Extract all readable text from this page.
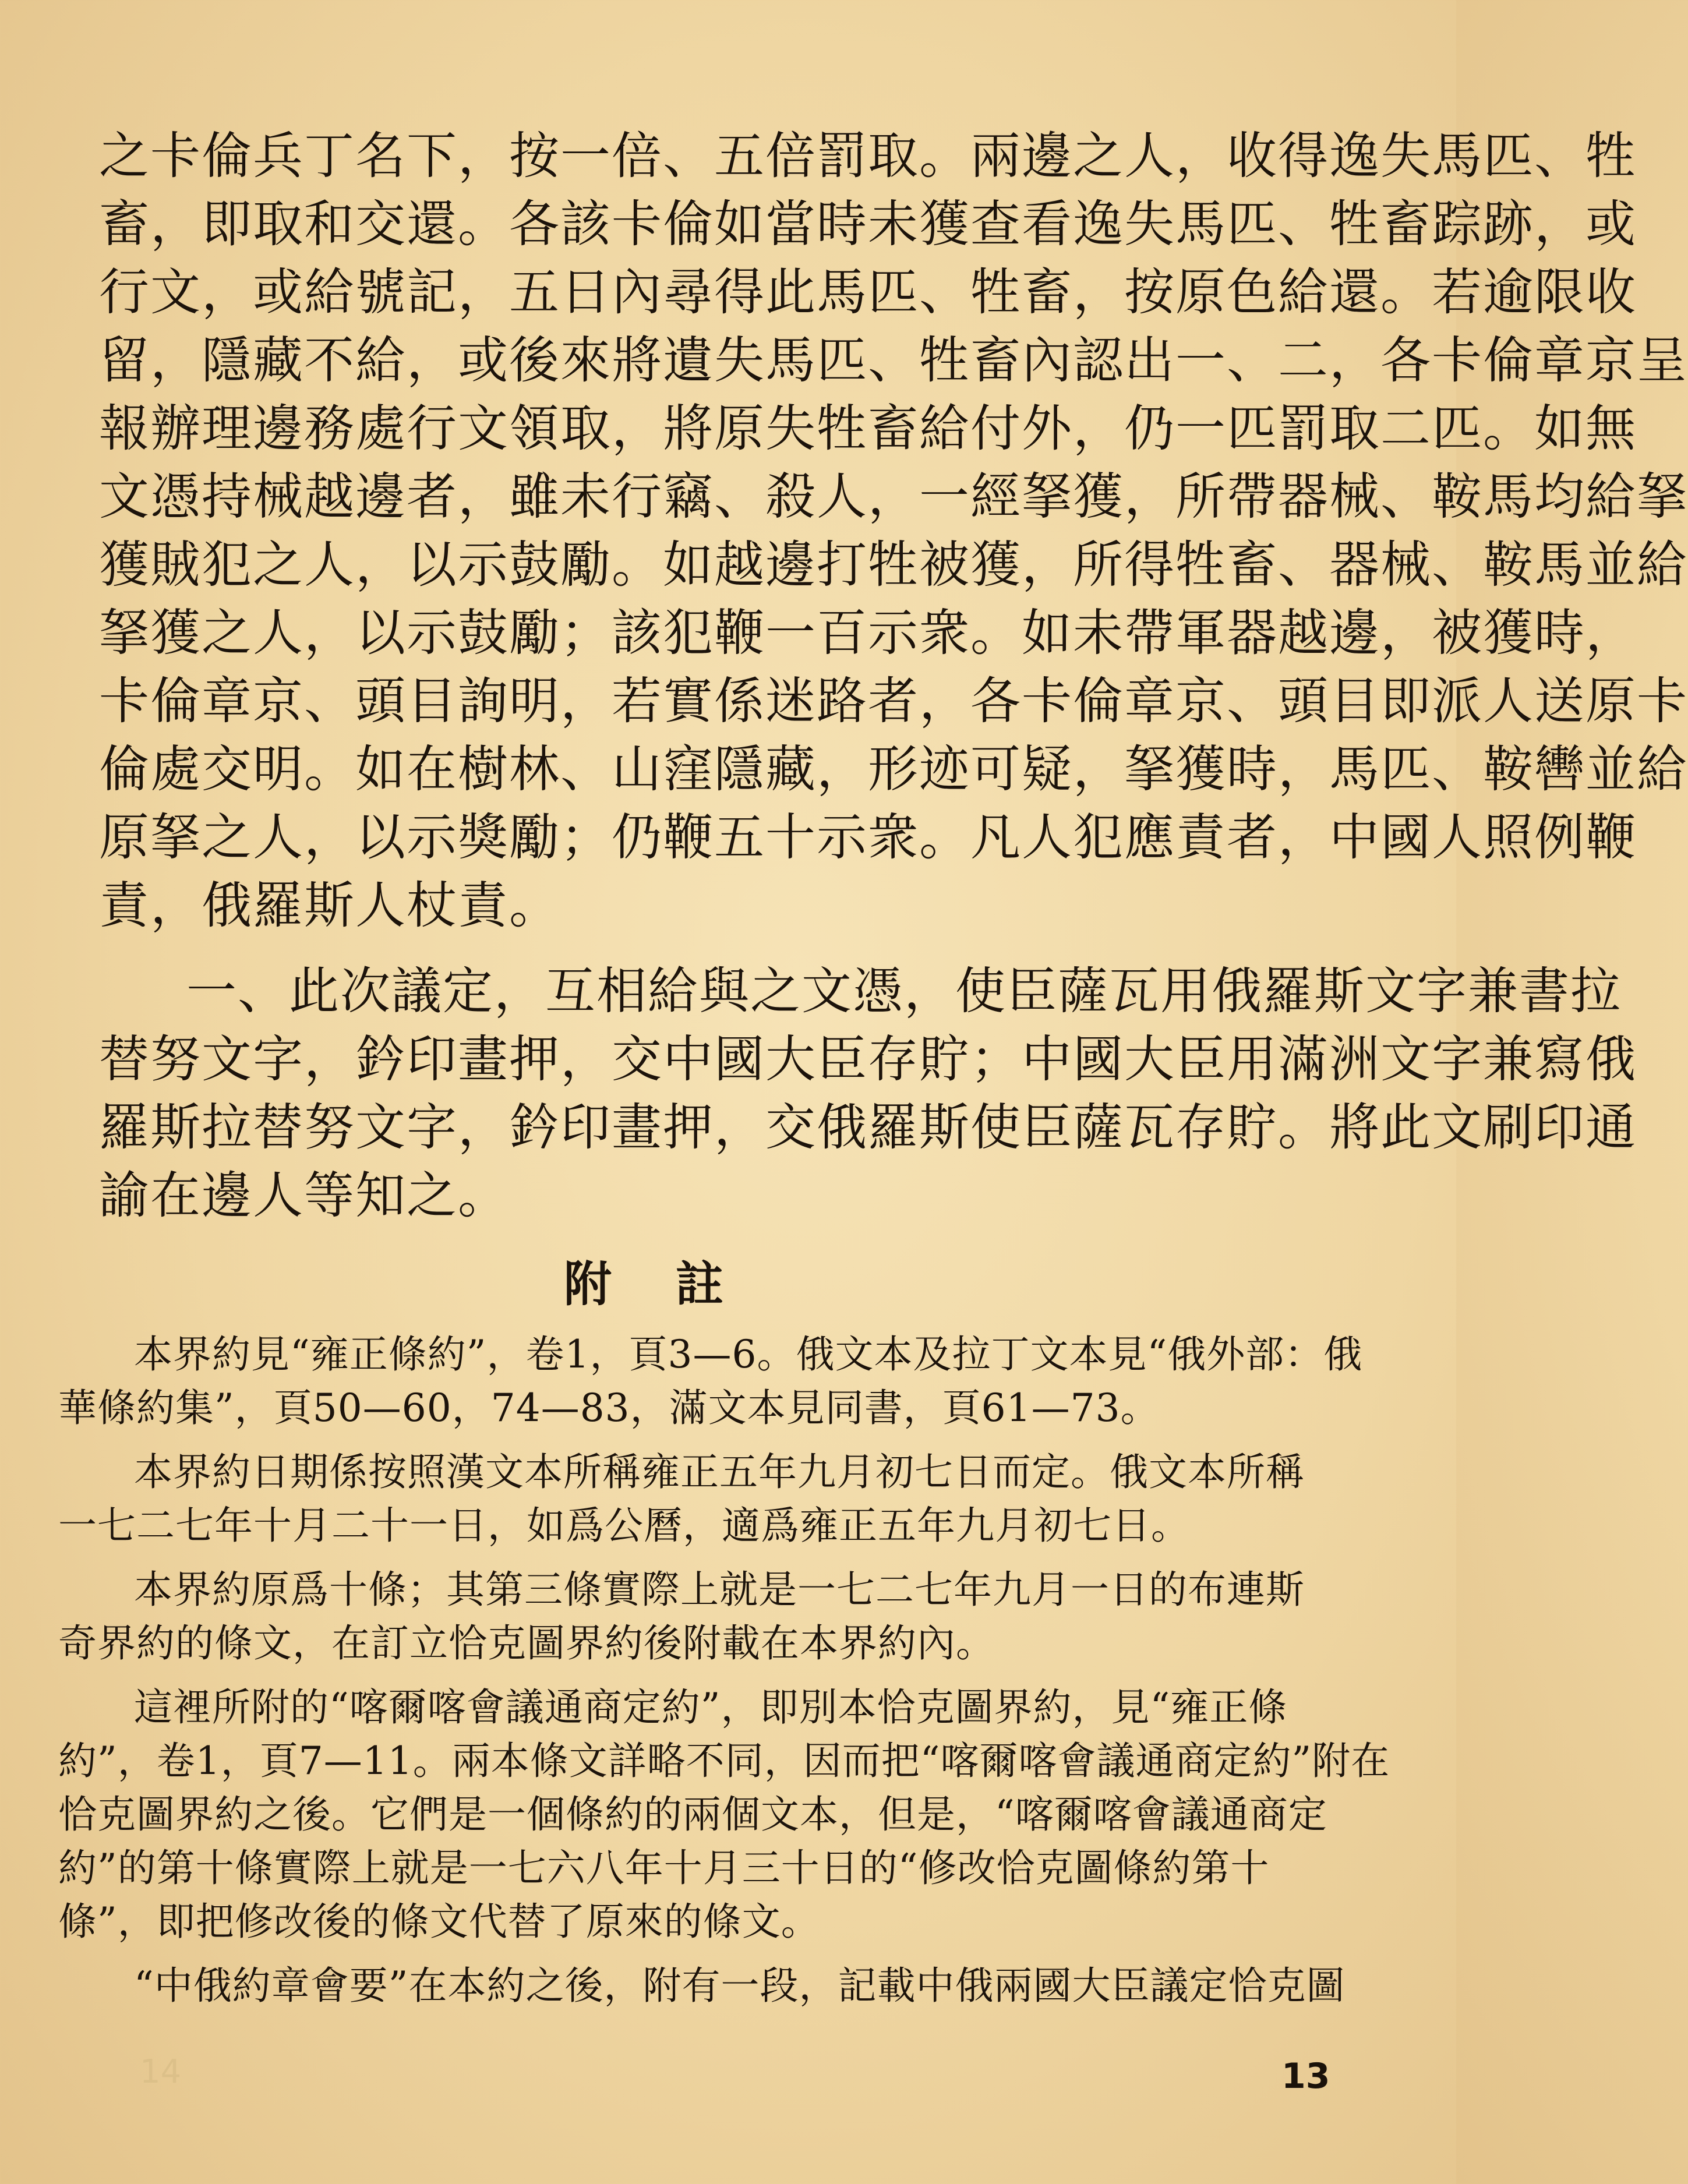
之卡倫兵丁名下，按一倍、五倍罰取。兩邊之人，收得逸失馬匹、牲
畜，即取和交還。各該卡倫如當時未獲查看逸失馬匹、牲畜踪跡，或
行文，或給號記，五日內尋得此馬匹、牲畜，按原色給還。若逾限收
留，隱藏不給，或後來將遺失馬匹、牲畜內認出一、二，各卡倫章京呈
報辦理邊務處行文領取，將原失牲畜給付外，仍一匹罰取二匹。如無
文憑持械越邊者，雖未行竊、殺人，一經拏獲，所帶器械、鞍馬均給拏
獲賊犯之人，以示鼓勵。如越邊打牲被獲，所得牲畜、器械、鞍馬並給
拏獲之人，以示鼓勵；該犯鞭一百示衆。如未帶軍器越邊，被獲時，
卡倫章京、頭目詢明，若實係迷路者，各卡倫章京、頭目即派人送原卡
倫處交明。如在樹林、山窪隱藏，形迹可疑，拏獲時，馬匹、鞍轡並給
原拏之人，以示獎勵；仍鞭五十示衆。凡人犯應責者，中國人照例鞭
責，俄羅斯人杖責。
一、此次議定，互相給與之文憑，使臣薩瓦用俄羅斯文字兼書拉
替努文字，鈐印畫押，交中國大臣存貯；中國大臣用滿洲文字兼寫俄
羅斯拉替努文字，鈐印畫押，交俄羅斯使臣薩瓦存貯。將此文刷印通
諭在邊人等知之。
附註
本界約見“雍正條約”，卷1，頁3—6。俄文本及拉丁文本見“俄外部：俄
華條約集”，頁50—60，74—83，滿文本見同書，頁61—73。
本界約日期係按照漢文本所稱雍正五年九月初七日而定。俄文本所稱
一七二七年十月二十一日，如爲公曆，適爲雍正五年九月初七日。
本界約原爲十條；其第三條實際上就是一七二七年九月一日的布連斯
奇界約的條文，在訂立恰克圖界約後附載在本界約內。
這裡所附的“喀爾喀會議通商定約”，即別本恰克圖界約，見“雍正條
約”，卷1，頁7—11。兩本條文詳略不同，因而把“喀爾喀會議通商定約”附在
恰克圖界約之後。它們是一個條約的兩個文本，但是，“喀爾喀會議通商定
約”的第十條實際上就是一七六八年十月三十日的“修改恰克圖條約第十
條”，即把修改後的條文代替了原來的條文。
“中俄約章會要”在本約之後，附有一段，記載中俄兩國大臣議定恰克圖
14	13
